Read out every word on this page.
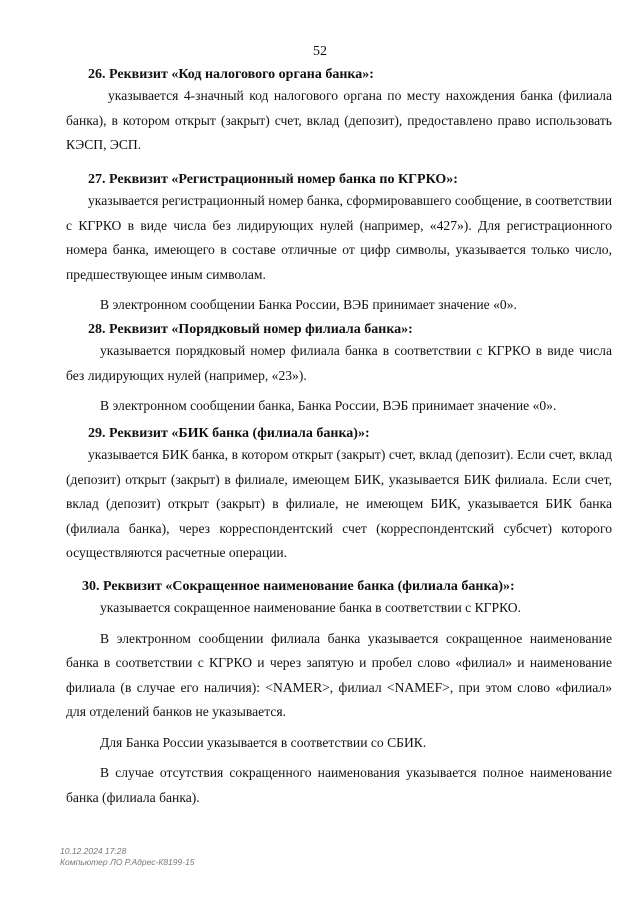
52
26. Реквизит «Код налогового органа банка»:

указывается 4-значный код налогового органа по месту нахождения банка (филиала банка), в котором открыт (закрыт) счет, вклад (депозит), предоставлено право использовать КЭСП, ЭСП.

27. Реквизит «Регистрационный номер банка по КГРКО»:

указывается регистрационный номер банка, сформировавшего сообщение, в соответствии с КГРКО в виде числа без лидирующих нулей (например, «427»). Для регистрационного номера банка, имеющего в составе отличные от цифр символы, указывается только число, предшествующее иным символам.

В электронном сообщении Банка России, ВЭБ принимает значение «0».

28. Реквизит «Порядковый номер филиала банка»:

указывается порядковый номер филиала банка в соответствии с КГРКО в виде числа без лидирующих нулей (например, «23»).

В электронном сообщении банка, Банка России, ВЭБ принимает значение «0».

29. Реквизит «БИК банка (филиала банка)»:

указывается БИК банка, в котором открыт (закрыт) счет, вклад (депозит). Если счет, вклад (депозит) открыт (закрыт) в филиале, имеющем БИК, указывается БИК филиала. Если счет, вклад (депозит) открыт (закрыт) в филиале, не имеющем БИК, указывается БИК банка (филиала банка), через корреспондентский счет (корреспондентский субсчет) которого осуществляются расчетные операции.

30. Реквизит «Сокращенное наименование банка (филиала банка)»:

указывается сокращенное наименование банка в соответствии с КГРКО.

В электронном сообщении филиала банка указывается сокращенное наименование банка в соответствии с КГРКО и через запятую и пробел слово «филиал» и наименование филиала (в случае его наличия): <NAMER>, филиал <NAMEF>, при этом слово «филиал» для отделений банков не указывается.

Для Банка России указывается в соответствии со СБИК.

В случае отсутствия сокращенного наименования указывается полное наименование банка (филиала банка).

10.12.2024 17:28
Компьютер ЛО Р.Адрес-К8199-15
